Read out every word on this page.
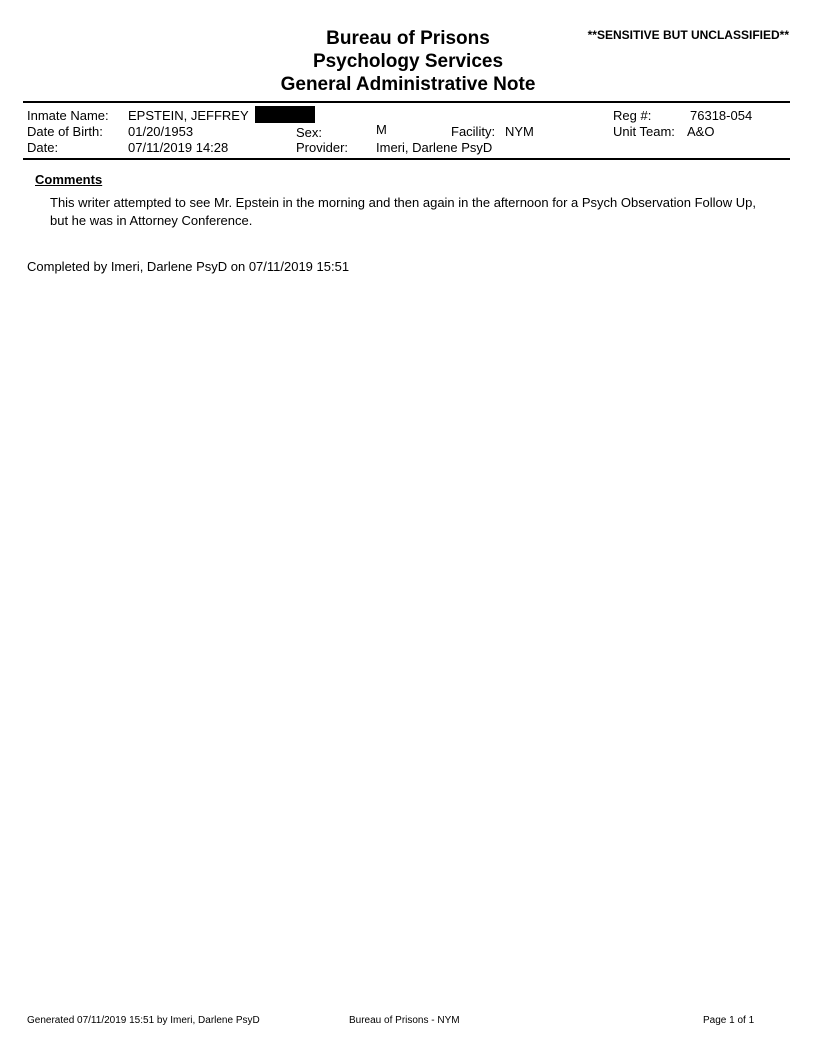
**SENSITIVE BUT UNCLASSIFIED**
Bureau of Prisons
Psychology Services
General Administrative Note
Inmate Name: EPSTEIN, JEFFREY	Reg #:	76318-054
Date of Birth: 01/20/1953	Sex:	M	Facility: NYM	Unit Team: A&O
Date:	07/11/2019 14:28	Provider: Imeri, Darlene PsyD
Comments
This writer attempted to see Mr. Epstein in the morning and then again in the afternoon for a Psych Observation Follow Up, but he was in Attorney Conference.
Completed by Imeri, Darlene PsyD on 07/11/2019 15:51
Generated 07/11/2019 15:51 by Imeri, Darlene PsyD	Bureau of Prisons - NYM	Page 1 of 1
